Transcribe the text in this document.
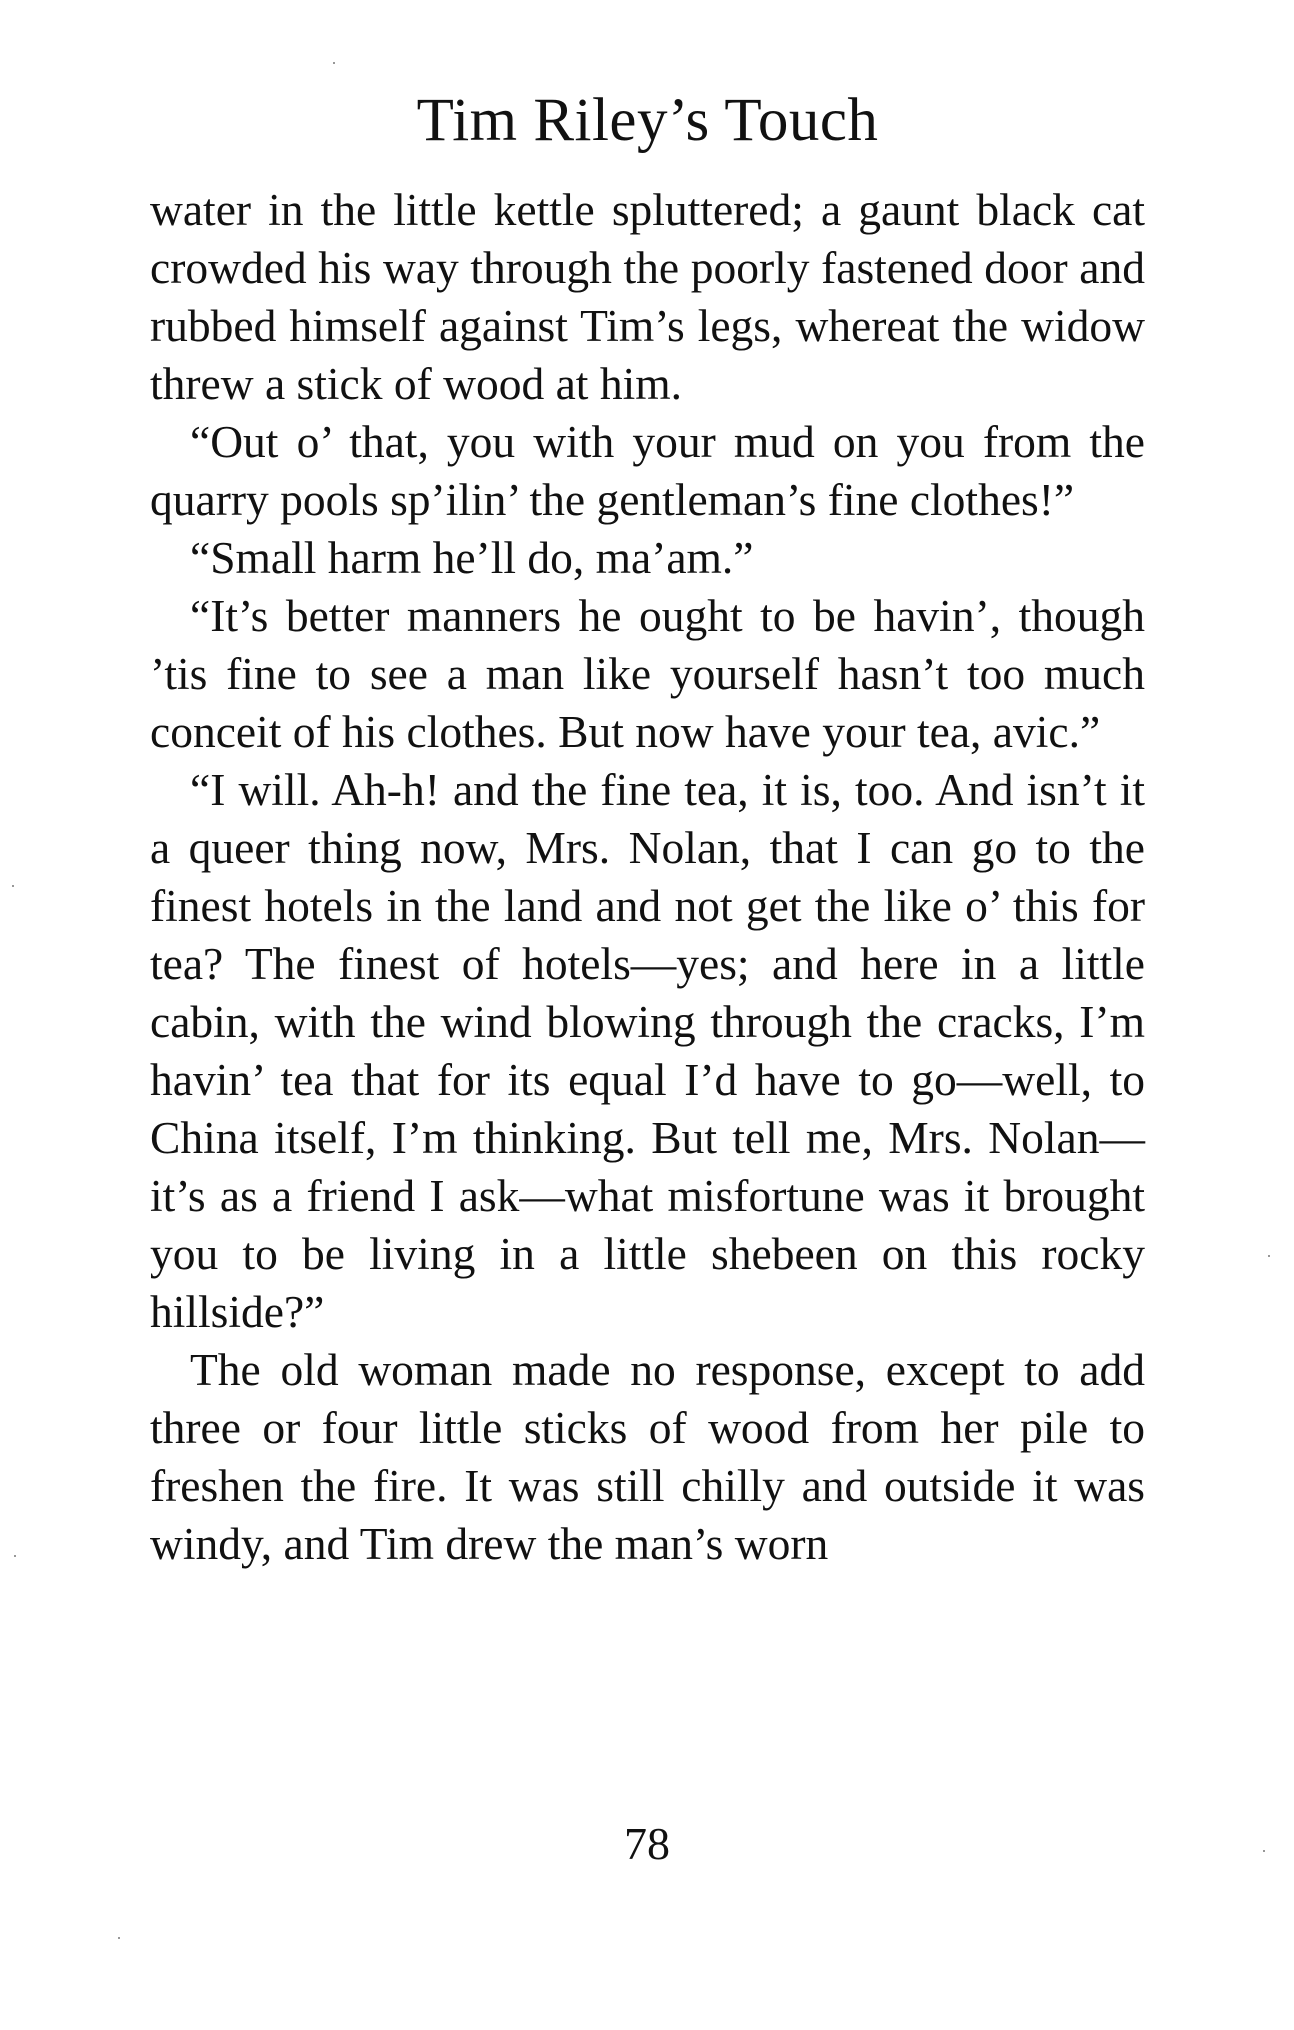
Tim Riley’s Touch

water in the little kettle spluttered; a gaunt black cat crowded his way through the poorly fastened door and rubbed himself against Tim’s legs, whereat the widow threw a stick of wood at him.

“Out o’ that, you with your mud on you from the quarry pools sp’ilin’ the gentleman’s fine clothes!”

“Small harm he’ll do, ma’am.”

“It’s better manners he ought to be havin’, though ’tis fine to see a man like yourself hasn’t too much conceit of his clothes. But now have your tea, avic.”

“I will. Ah-h! and the fine tea, it is, too. And isn’t it a queer thing now, Mrs. Nolan, that I can go to the finest hotels in the land and not get the like o’ this for tea? The finest of hotels—yes; and here in a little cabin, with the wind blowing through the cracks, I’m havin’ tea that for its equal I’d have to go—well, to China itself, I’m thinking. But tell me, Mrs. Nolan—it’s as a friend I ask—what misfortune was it brought you to be living in a little shebeen on this rocky hillside?”

The old woman made no response, except to add three or four little sticks of wood from her pile to freshen the fire. It was still chilly and outside it was windy, and Tim drew the man’s worn

78
